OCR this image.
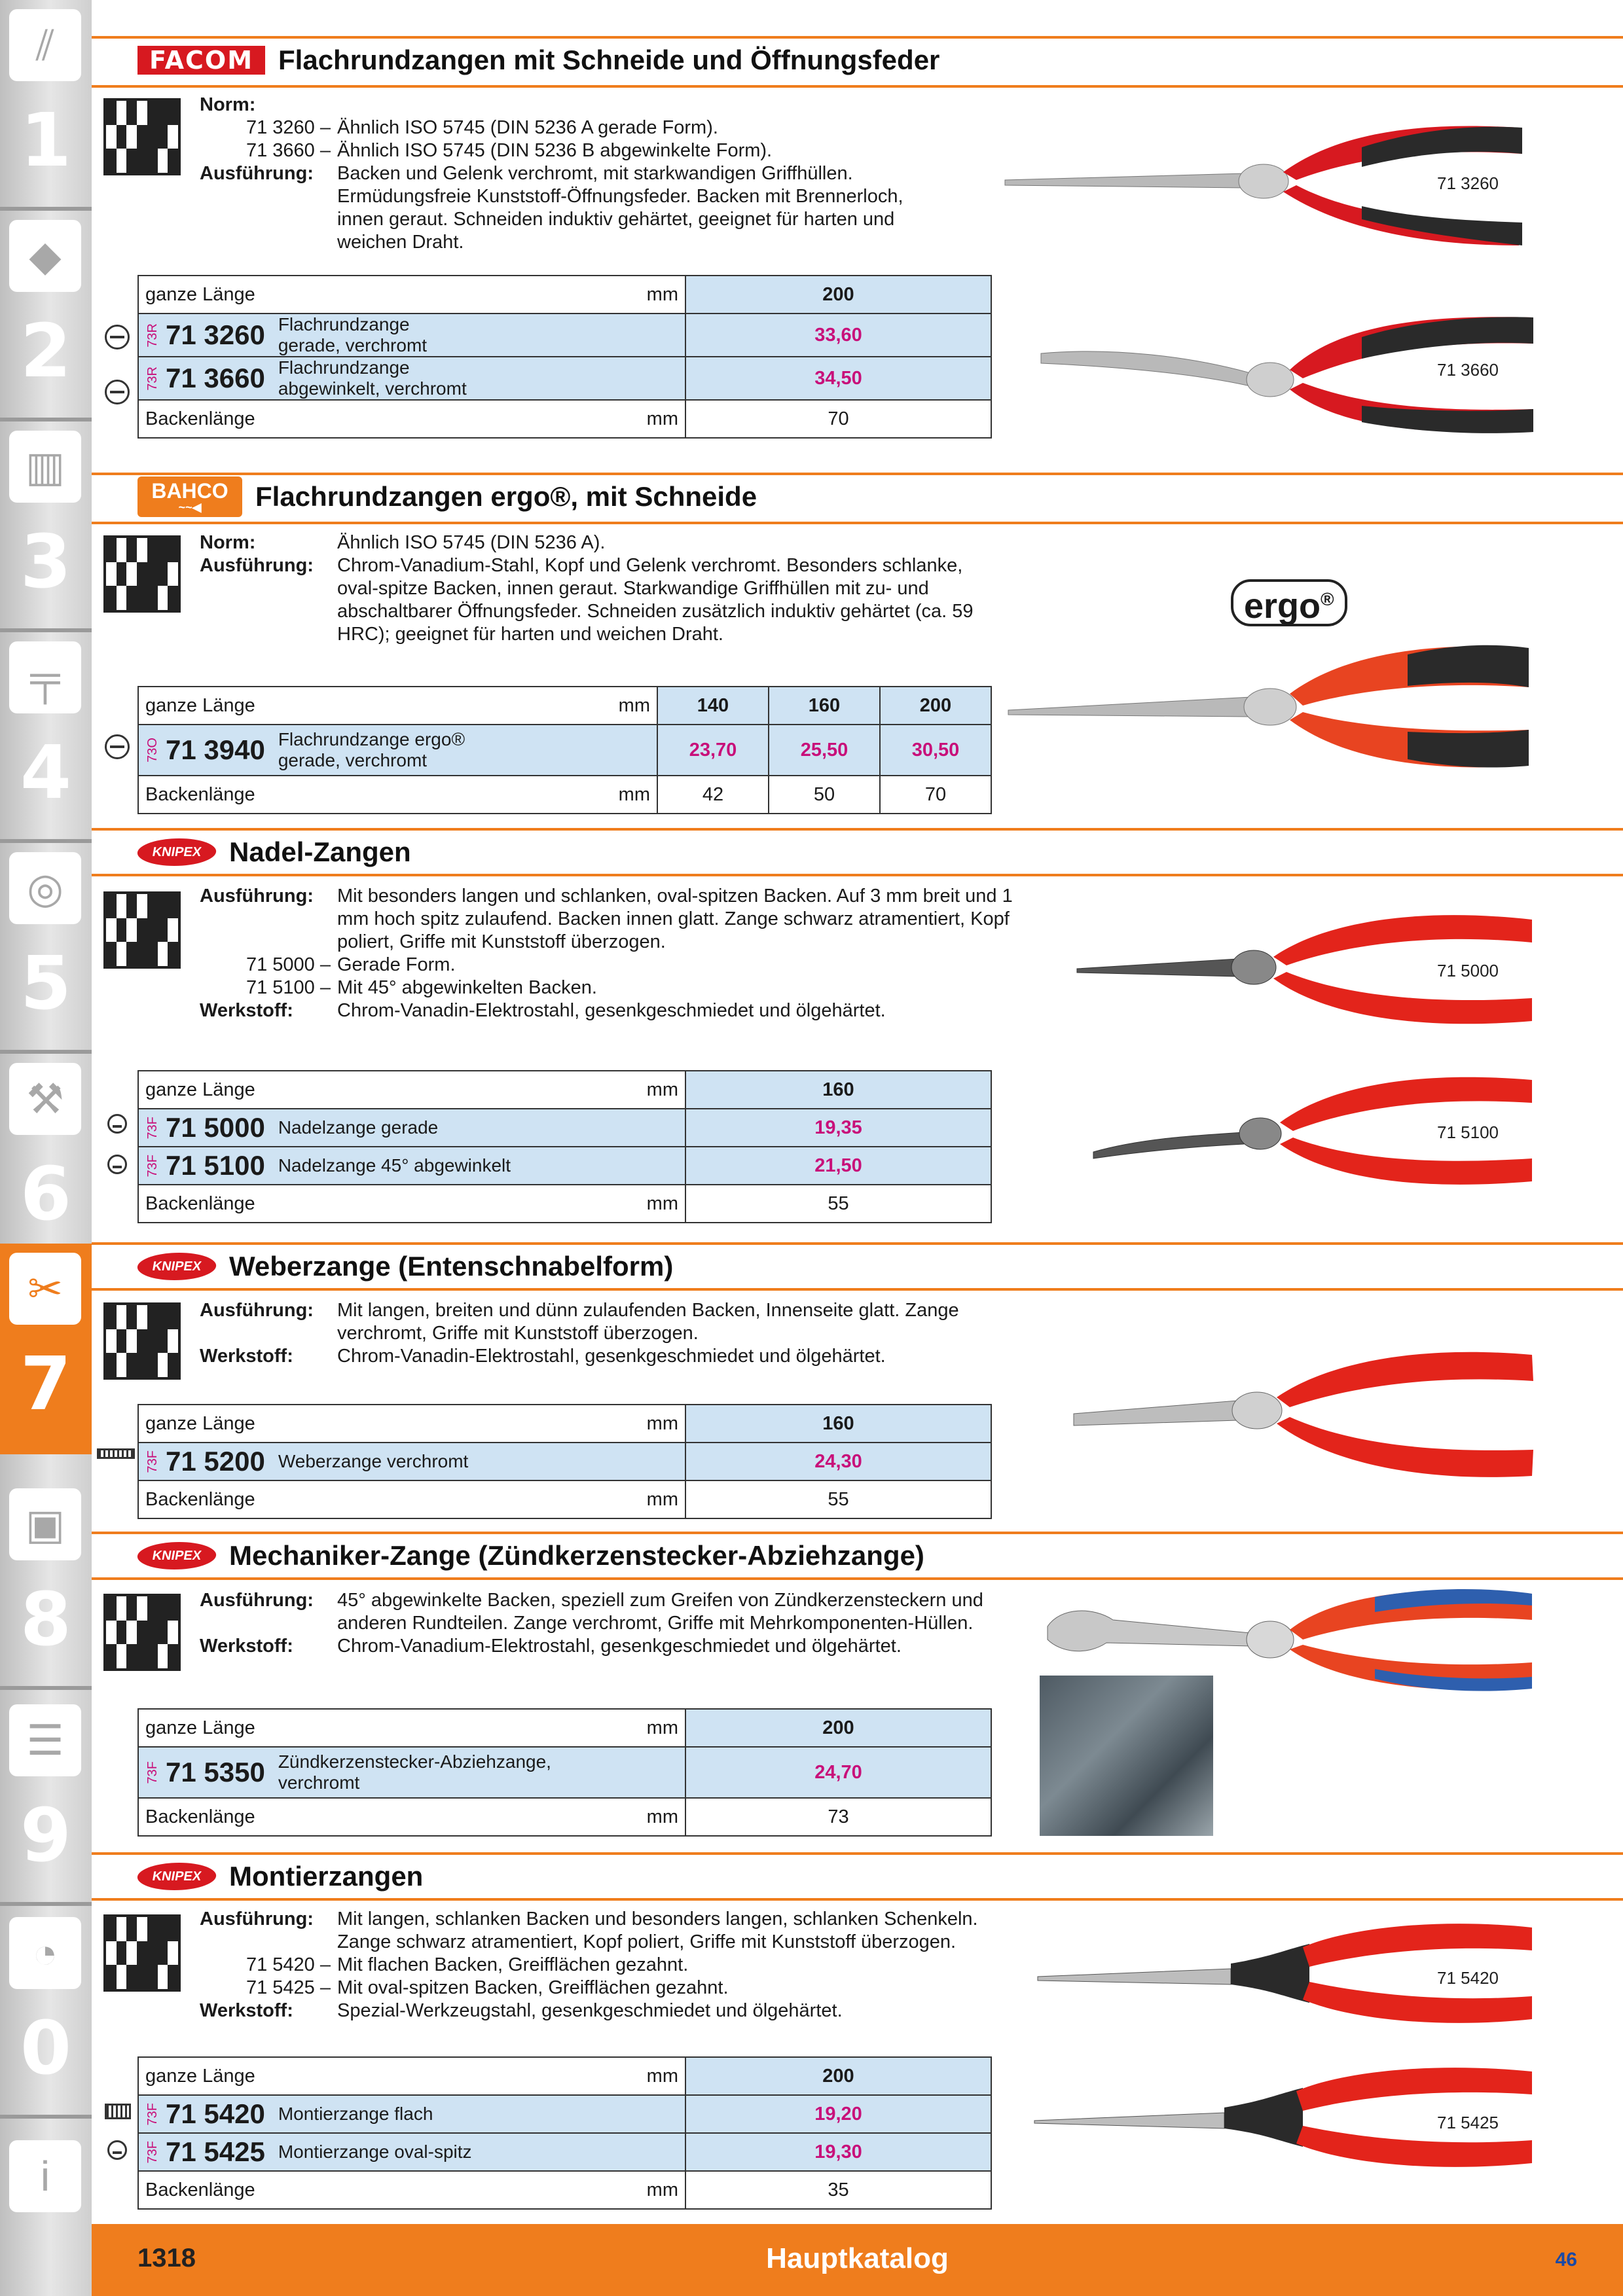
⫽
1
◆
2
▥
3
╤
4
◎
5
⚒
6
✂
7
▣
8
☰
9
◔
0
i
FACOM Flachrundzangen mit Schneide und Öffnungsfeder
Norm:
71 3260 – Ähnlich ISO 5745 (DIN 5236 A gerade Form).
71 3660 – Ähnlich ISO 5745 (DIN 5236 B abgewinkelte Form).
Ausführung:	Backen und Gelenk verchromt, mit starkwandigen Griffhüllen. Ermüdungsfreie Kunststoff-Öffnungsfeder. Backen mit Brennerloch, innen geraut. Schneiden induktiv gehärtet, geeignet für harten und weichen Draht.
71 3260
71 3660
ganze Länge		mm	200
73R 71 3260	Flachrundzange
gerade, verchromt		33,60
73R 71 3660	Flachrundzange
abgewinkelt, verchromt		34,50
Backenlänge		mm	70
BAHCO
~~◀ Flachrundzangen ergo®, mit Schneide
Norm:	Ähnlich ISO 5745 (DIN 5236 A).
Ausführung:	Chrom-Vanadium-Stahl, Kopf und Gelenk verchromt. Besonders schlanke, oval-spitze Backen, innen geraut. Starkwandige Griffhüllen mit zu- und abschaltbarer Öffnungsfeder. Schneiden zusätzlich induktiv gehärtet (ca. 59 HRC); geeignet für harten und weichen Draht.
ergo®
ganze Länge		mm	140	160	200
73O 71 3940	Flachrundzange ergo®
gerade, verchromt		23,70	25,50	30,50
Backenlänge		mm	42	50	70
KNIPEX Nadel-Zangen
Ausführung:	Mit besonders langen und schlanken, oval-spitzen Backen. Auf 3 mm breit und 1 mm hoch spitz zulaufend. Backen innen glatt. Zange schwarz atramentiert, Kopf poliert, Griffe mit Kunststoff überzogen.
71 5000 – Gerade Form.
71 5100 – Mit 45° abgewinkelten Backen.
Werkstoff:	Chrom-Vanadin-Elektrostahl, gesenkgeschmiedet und ölgehärtet.
71 5000
71 5100
ganze Länge		mm	160
73F 71 5000	Nadelzange gerade		19,35
73F 71 5100	Nadelzange 45° abgewinkelt		21,50
Backenlänge		mm	55
KNIPEX Weberzange (Entenschnabelform)
Ausführung:	Mit langen, breiten und dünn zulaufenden Backen, Innenseite glatt. Zange verchromt, Griffe mit Kunststoff überzogen.
Werkstoff:	Chrom-Vanadin-Elektrostahl, gesenkgeschmiedet und ölgehärtet.
ganze Länge		mm	160
73F 71 5200	Weberzange verchromt		24,30
Backenlänge		mm	55
KNIPEX Mechaniker-Zange (Zündkerzenstecker-Abziehzange)
Ausführung:	45° abgewinkelte Backen, speziell zum Greifen von Zündkerzensteckern und anderen Rundteilen. Zange verchromt, Griffe mit Mehrkomponenten-Hüllen.
Werkstoff:	Chrom-Vanadium-Elektrostahl, gesenkgeschmiedet und ölgehärtet.
ganze Länge		mm	200
73F 71 5350	Zündkerzenstecker-Abziehzange,
verchromt		24,70
Backenlänge		mm	73
KNIPEX Montierzangen
Ausführung:	Mit langen, schlanken Backen und besonders langen, schlanken Schenkeln. Zange schwarz atramentiert, Kopf poliert, Griffe mit Kunststoff überzogen.
71 5420 – Mit flachen Backen, Greifflächen gezahnt.
71 5425 – Mit oval-spitzen Backen, Greifflächen gezahnt.
Werkstoff:	Spezial-Werkzeugstahl, gesenkgeschmiedet und ölgehärtet.
71 5420
71 5425
ganze Länge		mm	200
73F 71 5420	Montierzange flach		19,20
73F 71 5425	Montierzange oval-spitz		19,30
Backenlänge		mm	35
Hauptkatalog
1318	46
